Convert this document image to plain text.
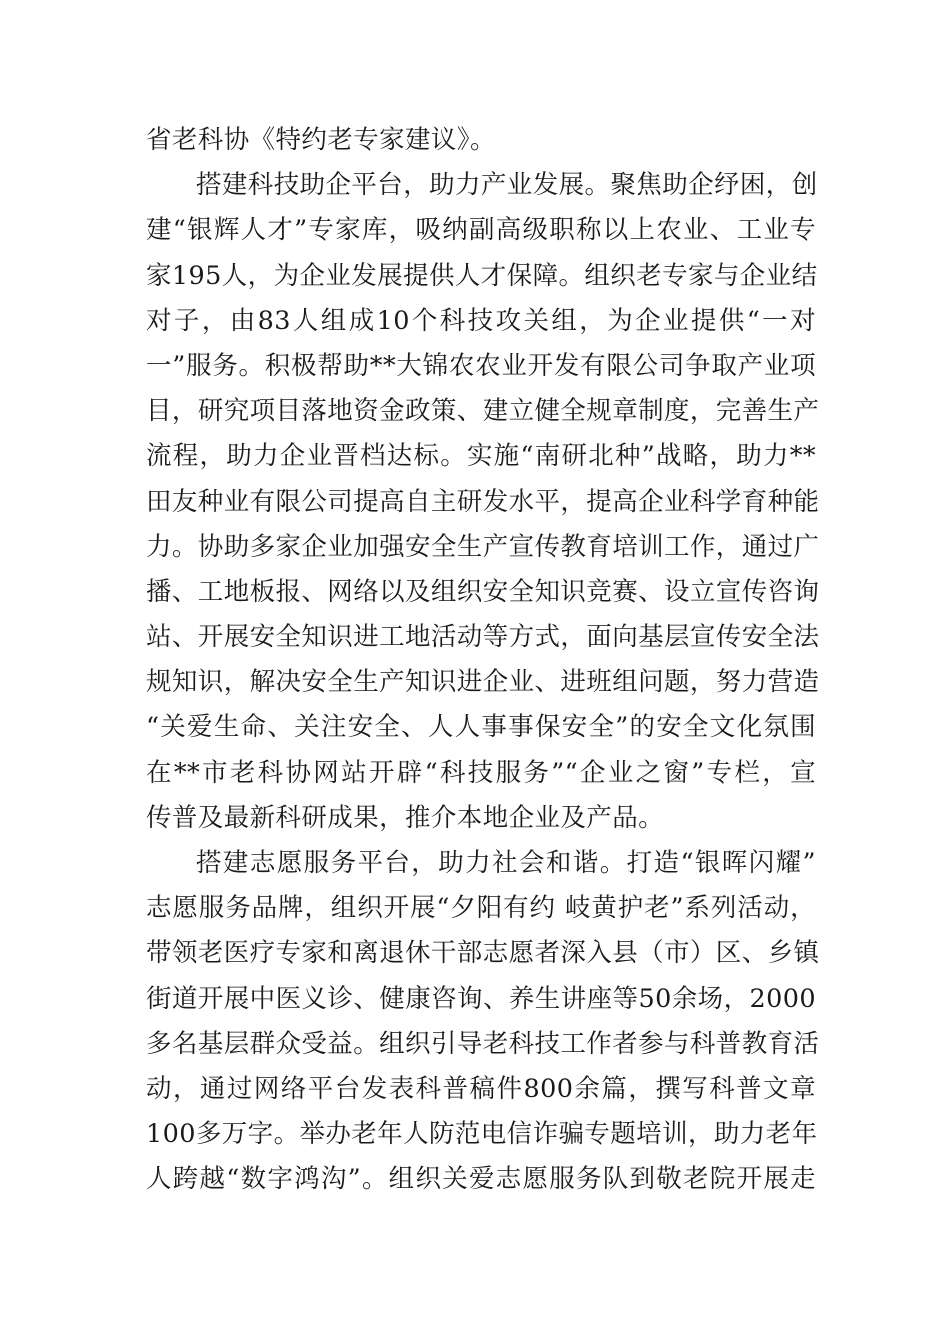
省老科协《特约老专家建议》。
搭建科技助企平台，助力产业发展。聚焦助企纾困，创
建“银辉人才”专家库，吸纳副高级职称以上农业、工业专
家195人，为企业发展提供人才保障。组织老专家与企业结
对子，由83人组成10个科技攻关组，为企业提供“一对
一”服务。积极帮助**大锦农农业开发有限公司争取产业项
目，研究项目落地资金政策、建立健全规章制度，完善生产
流程，助力企业晋档达标。实施“南研北种”战略，助力**
田友种业有限公司提高自主研发水平，提高企业科学育种能
力。协助多家企业加强安全生产宣传教育培训工作，通过广
播、工地板报、网络以及组织安全知识竞赛、设立宣传咨询
站、开展安全知识进工地活动等方式，面向基层宣传安全法
规知识，解决安全生产知识进企业、进班组问题，努力营造
“关爱生命、关注安全、人人事事保安全”的安全文化氛围
在**市老科协网站开辟“科技服务”“企业之窗”专栏，宣
传普及最新科研成果，推介本地企业及产品。
搭建志愿服务平台，助力社会和谐。打造“银晖闪耀”
志愿服务品牌，组织开展“夕阳有约 岐黄护老”系列活动，
带领老医疗专家和离退休干部志愿者深入县（市）区、乡镇
街道开展中医义诊、健康咨询、养生讲座等50余场，2000
多名基层群众受益。组织引导老科技工作者参与科普教育活
动，通过网络平台发表科普稿件800余篇，撰写科普文章
100多万字。举办老年人防范电信诈骗专题培训，助力老年
人跨越“数字鸿沟”。组织关爱志愿服务队到敬老院开展走
